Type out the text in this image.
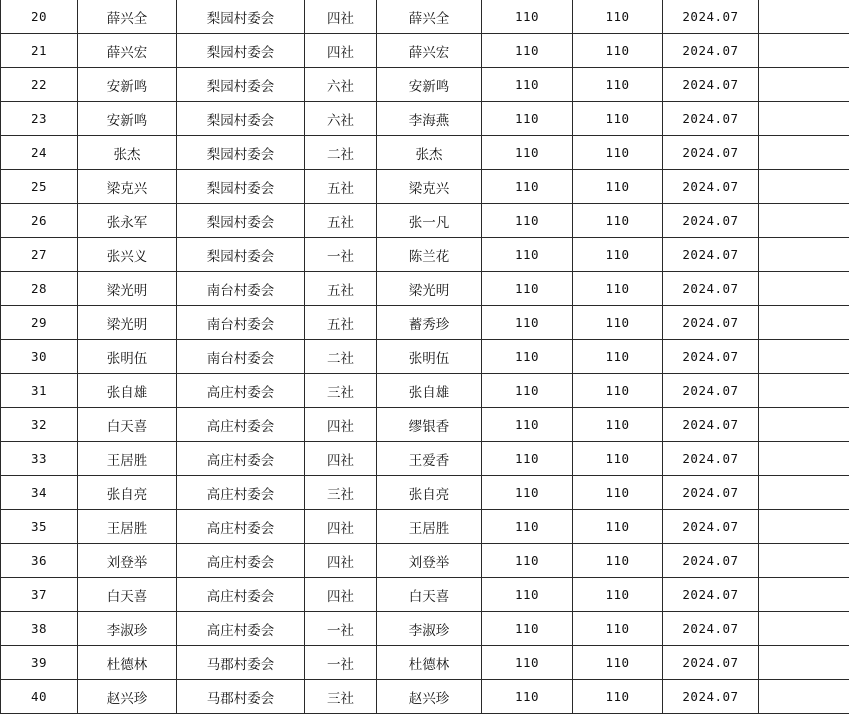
20	薛兴全	梨园村委会	四社	薛兴全	110	110	2024.07	
21	薛兴宏	梨园村委会	四社	薛兴宏	110	110	2024.07	
22	安新鸣	梨园村委会	六社	安新鸣	110	110	2024.07	
23	安新鸣	梨园村委会	六社	李海燕	110	110	2024.07	
24	张杰	梨园村委会	二社	张杰	110	110	2024.07	
25	梁克兴	梨园村委会	五社	梁克兴	110	110	2024.07	
26	张永军	梨园村委会	五社	张一凡	110	110	2024.07	
27	张兴义	梨园村委会	一社	陈兰花	110	110	2024.07	
28	梁光明	南台村委会	五社	梁光明	110	110	2024.07	
29	梁光明	南台村委会	五社	蓄秀珍	110	110	2024.07	
30	张明伍	南台村委会	二社	张明伍	110	110	2024.07	
31	张自雄	高庄村委会	三社	张自雄	110	110	2024.07	
32	白天喜	高庄村委会	四社	缪银香	110	110	2024.07	
33	王居胜	高庄村委会	四社	王爱香	110	110	2024.07	
34	张自亮	高庄村委会	三社	张自亮	110	110	2024.07	
35	王居胜	高庄村委会	四社	王居胜	110	110	2024.07	
36	刘登举	高庄村委会	四社	刘登举	110	110	2024.07	
37	白天喜	高庄村委会	四社	白天喜	110	110	2024.07	
38	李淑珍	高庄村委会	一社	李淑珍	110	110	2024.07	
39	杜德林	马郡村委会	一社	杜德林	110	110	2024.07	
40	赵兴珍	马郡村委会	三社	赵兴珍	110	110	2024.07	
